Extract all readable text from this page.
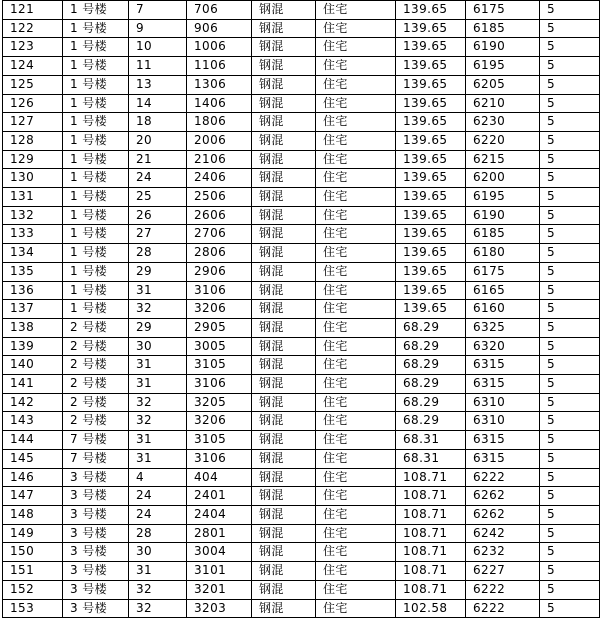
121	1 号楼	7	706	钢混	住宅	139.65	6175	5
122	1 号楼	9	906	钢混	住宅	139.65	6185	5
123	1 号楼	10	1006	钢混	住宅	139.65	6190	5
124	1 号楼	11	1106	钢混	住宅	139.65	6195	5
125	1 号楼	13	1306	钢混	住宅	139.65	6205	5
126	1 号楼	14	1406	钢混	住宅	139.65	6210	5
127	1 号楼	18	1806	钢混	住宅	139.65	6230	5
128	1 号楼	20	2006	钢混	住宅	139.65	6220	5
129	1 号楼	21	2106	钢混	住宅	139.65	6215	5
130	1 号楼	24	2406	钢混	住宅	139.65	6200	5
131	1 号楼	25	2506	钢混	住宅	139.65	6195	5
132	1 号楼	26	2606	钢混	住宅	139.65	6190	5
133	1 号楼	27	2706	钢混	住宅	139.65	6185	5
134	1 号楼	28	2806	钢混	住宅	139.65	6180	5
135	1 号楼	29	2906	钢混	住宅	139.65	6175	5
136	1 号楼	31	3106	钢混	住宅	139.65	6165	5
137	1 号楼	32	3206	钢混	住宅	139.65	6160	5
138	2 号楼	29	2905	钢混	住宅	68.29	6325	5
139	2 号楼	30	3005	钢混	住宅	68.29	6320	5
140	2 号楼	31	3105	钢混	住宅	68.29	6315	5
141	2 号楼	31	3106	钢混	住宅	68.29	6315	5
142	2 号楼	32	3205	钢混	住宅	68.29	6310	5
143	2 号楼	32	3206	钢混	住宅	68.29	6310	5
144	7 号楼	31	3105	钢混	住宅	68.31	6315	5
145	7 号楼	31	3106	钢混	住宅	68.31	6315	5
146	3 号楼	4	404	钢混	住宅	108.71	6222	5
147	3 号楼	24	2401	钢混	住宅	108.71	6262	5
148	3 号楼	24	2404	钢混	住宅	108.71	6262	5
149	3 号楼	28	2801	钢混	住宅	108.71	6242	5
150	3 号楼	30	3004	钢混	住宅	108.71	6232	5
151	3 号楼	31	3101	钢混	住宅	108.71	6227	5
152	3 号楼	32	3201	钢混	住宅	108.71	6222	5
153	3 号楼	32	3203	钢混	住宅	102.58	6222	5
